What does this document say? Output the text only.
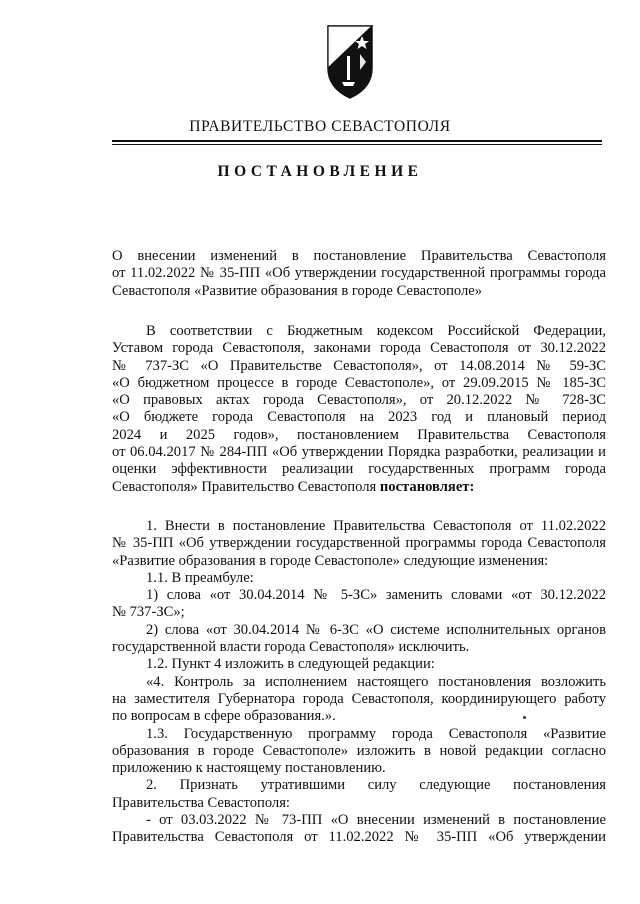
ПРАВИТЕЛЬСТВО СЕВАСТОПОЛЯ
ПОСТАНОВЛЕНИЕ
О внесении изменений в постановление Правительства Севастополя
от 11.02.2022 № 35-ПП «Об утверждении государственной программы города
Севастополя «Развитие образования в городе Севастополе»
В соответствии с Бюджетным кодексом Российской Федерации,
Уставом города Севастополя, законами города Севастополя от 30.12.2022
№ 737-ЗС «О Правительстве Севастополя», от 14.08.2014 № 59-ЗС
«О бюджетном процессе в городе Севастополе», от 29.09.2015 № 185-ЗС
«О правовых актах города Севастополя», от 20.12.2022 № 728-ЗС
«О бюджете города Севастополя на 2023 год и плановый период
2024 и 2025 годов», постановлением Правительства Севастополя
от 06.04.2017 № 284-ПП «Об утверждении Порядка разработки, реализации и
оценки эффективности реализации государственных программ города
Севастополя» Правительство Севастополя постановляет:
1. Внести в постановление Правительства Севастополя от 11.02.2022
№ 35-ПП «Об утверждении государственной программы города Севастополя
«Развитие образования в городе Севастополе» следующие изменения:
1.1. В преамбуле:
1) слова «от 30.04.2014 № 5-ЗС» заменить словами «от 30.12.2022
№ 737-ЗС»;
2) слова «от 30.04.2014 № 6-ЗС «О системе исполнительных органов
государственной власти города Севастополя» исключить.
1.2. Пункт 4 изложить в следующей редакции:
«4. Контроль за исполнением настоящего постановления возложить
на заместителя Губернатора города Севастополя, координирующего работу
по вопросам в сфере образования.».
1.3. Государственную программу города Севастополя «Развитие
образования в городе Севастополе» изложить в новой редакции согласно
приложению к настоящему постановлению.
2. Признать утратившими силу следующие постановления
Правительства Севастополя:
- от 03.03.2022 № 73-ПП «О внесении изменений в постановление
Правительства Севастополя от 11.02.2022 № 35-ПП «Об утверждении
